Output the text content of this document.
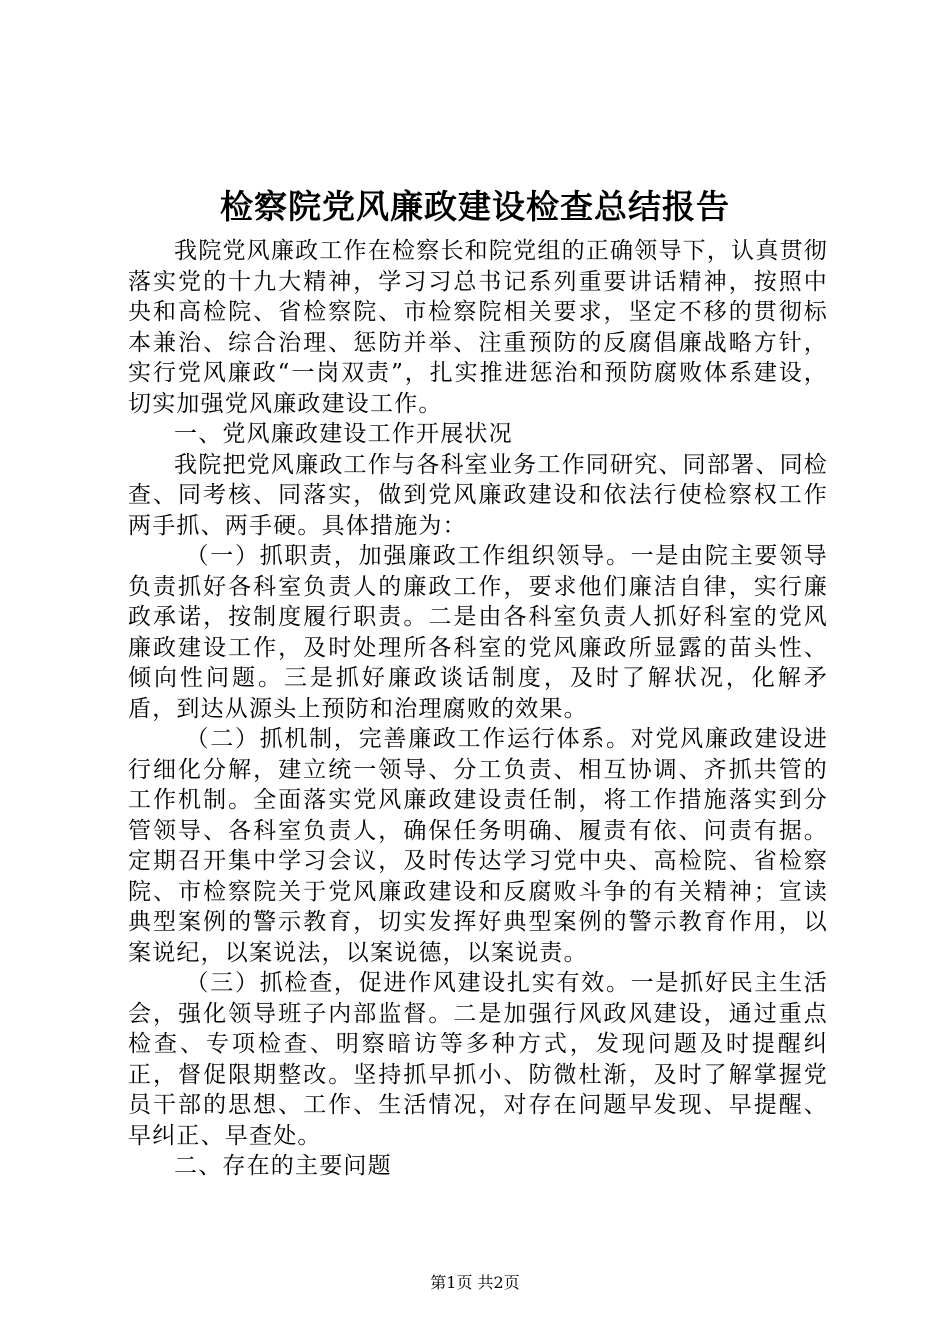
检察院党风廉政建设检查总结报告

我院党风廉政工作在检察长和院党组的正确领导下，认真贯彻落实党的十九大精神，学习习总书记系列重要讲话精神，按照中央和高检院、省检察院、市检察院相关要求，坚定不移的贯彻标本兼治、综合治理、惩防并举、注重预防的反腐倡廉战略方针，实行党风廉政“一岗双责”，扎实推进惩治和预防腐败体系建设，切实加强党风廉政建设工作。

一、党风廉政建设工作开展状况

我院把党风廉政工作与各科室业务工作同研究、同部署、同检查、同考核、同落实，做到党风廉政建设和依法行使检察权工作两手抓、两手硬。具体措施为：

（一）抓职责，加强廉政工作组织领导。一是由院主要领导负责抓好各科室负责人的廉政工作，要求他们廉洁自律，实行廉政承诺，按制度履行职责。二是由各科室负责人抓好科室的党风廉政建设工作，及时处理所各科室的党风廉政所显露的苗头性、倾向性问题。三是抓好廉政谈话制度，及时了解状况，化解矛盾，到达从源头上预防和治理腐败的效果。

（二）抓机制，完善廉政工作运行体系。对党风廉政建设进行细化分解，建立统一领导、分工负责、相互协调、齐抓共管的工作机制。全面落实党风廉政建设责任制，将工作措施落实到分管领导、各科室负责人，确保任务明确、履责有依、问责有据。定期召开集中学习会议，及时传达学习党中央、高检院、省检察院、市检察院关于党风廉政建设和反腐败斗争的有关精神；宣读典型案例的警示教育，切实发挥好典型案例的警示教育作用，以案说纪，以案说法，以案说德，以案说责。

（三）抓检查，促进作风建设扎实有效。一是抓好民主生活会，强化领导班子内部监督。二是加强行风政风建设，通过重点检查、专项检查、明察暗访等多种方式，发现问题及时提醒纠正，督促限期整改。坚持抓早抓小、防微杜渐，及时了解掌握党员干部的思想、工作、生活情况，对存在问题早发现、早提醒、早纠正、早查处。

二、存在的主要问题

第1页 共2页
